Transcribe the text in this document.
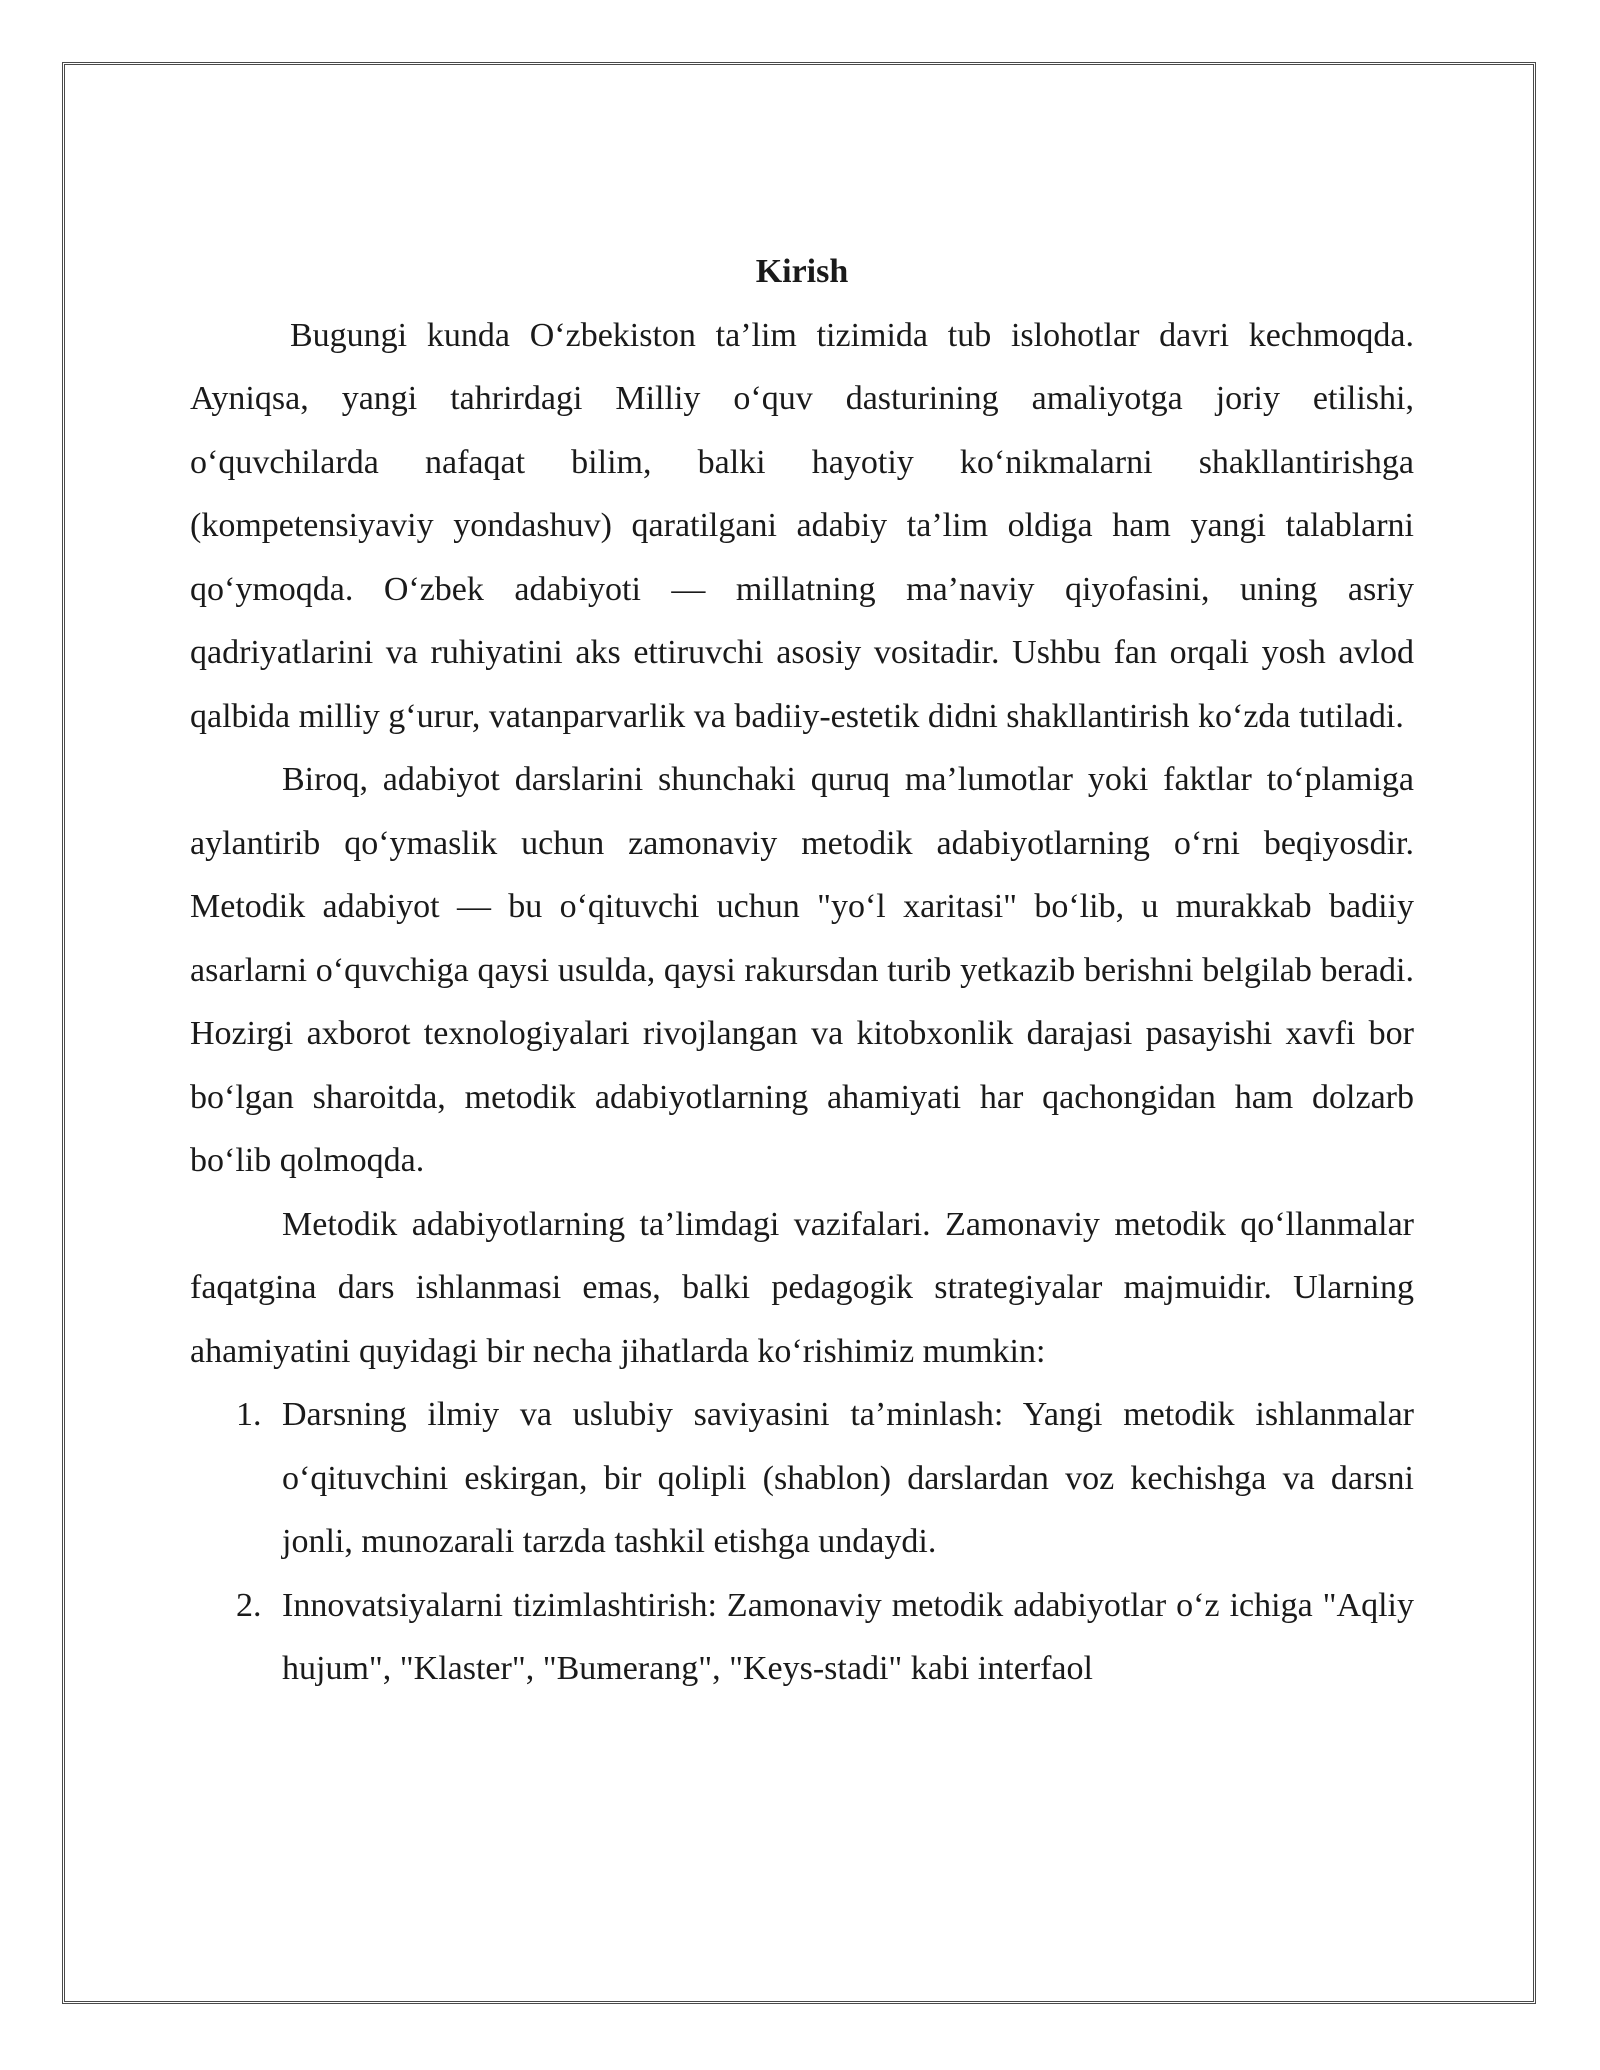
Kirish

Bugungi kunda O‘zbekiston ta’lim tizimida tub islohotlar davri kechmoqda. Ayniqsa, yangi tahrirdagi Milliy o‘quv dasturining amaliyotga joriy etilishi, o‘quvchilarda nafaqat bilim, balki hayotiy ko‘nikmalarni shakllantirishga (kompetensiyaviy yondashuv) qaratilgani adabiy ta’lim oldiga ham yangi talablarni qo‘ymoqda. O‘zbek adabiyoti — millatning ma’naviy qiyofasini, uning asriy qadriyatlarini va ruhiyatini aks ettiruvchi asosiy vositadir. Ushbu fan orqali yosh avlod qalbida milliy g‘urur, vatanparvarlik va badiiy-estetik didni shakllantirish ko‘zda tutiladi.

Biroq, adabiyot darslarini shunchaki quruq ma’lumotlar yoki faktlar to‘plamiga aylantirib qo‘ymaslik uchun zamonaviy metodik adabiyotlarning o‘rni beqiyosdir. Metodik adabiyot — bu o‘qituvchi uchun "yo‘l xaritasi" bo‘lib, u murakkab badiiy asarlarni o‘quvchiga qaysi usulda, qaysi rakursdan turib yetkazib berishni belgilab beradi. Hozirgi axborot texnologiyalari rivojlangan va kitobxonlik darajasi pasayishi xavfi bor bo‘lgan sharoitda, metodik adabiyotlarning ahamiyati har qachongidan ham dolzarb bo‘lib qolmoqda.

Metodik adabiyotlarning ta’limdagi vazifalari. Zamonaviy metodik qo‘llanmalar faqatgina dars ishlanmasi emas, balki pedagogik strategiyalar majmuidir. Ularning ahamiyatini quyidagi bir necha jihatlarda ko‘rishimiz mumkin:

1. Darsning ilmiy va uslubiy saviyasini ta’minlash: Yangi metodik ishlanmalar o‘qituvchini eskirgan, bir qolipli (shablon) darslardan voz kechishga va darsni jonli, munozarali tarzda tashkil etishga undaydi.
2. Innovatsiyalarni tizimlashtirish: Zamonaviy metodik adabiyotlar o‘z ichiga "Aqliy hujum", "Klaster", "Bumerang", "Keys-stadi" kabi interfaol
